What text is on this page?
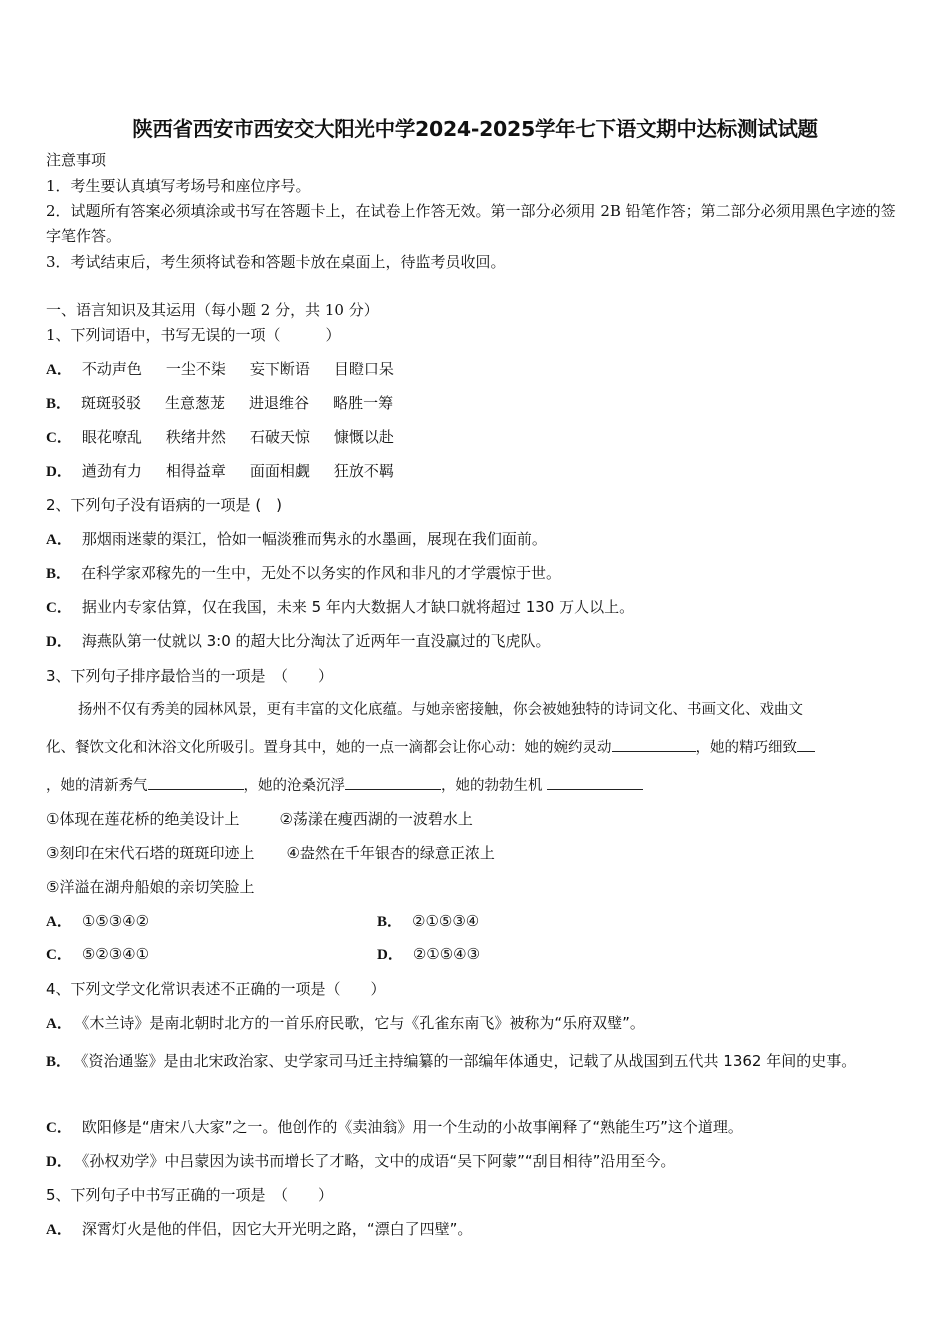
陕西省西安市西安交大阳光中学2024-2025学年七下语文期中达标测试试题
注意事项
1．考生要认真填写考场号和座位序号。
2．试题所有答案必须填涂或书写在答题卡上，在试卷上作答无效。第一部分必须用 2B 铅笔作答；第二部分必须用黑色字迹的签字笔作答。
3．考试结束后，考生须将试卷和答题卡放在桌面上，待监考员收回。
一、语言知识及其运用（每小题 2 分，共 10 分）
1、下列词语中，书写无误的一项（　　　）
A． 不动声色 一尘不柒 妄下断语 目瞪口呆
B． 斑斑驳驳 生意葱茏 进退维谷 略胜一筹
C． 眼花嘹乱 秩绪井然 石破天惊 慷慨以赴
D． 遒劲有力 相得益章 面面相觑 狂放不羁
2、下列句子没有语病的一项是 (　)
A． 那烟雨迷蒙的渠江，恰如一幅淡雅而隽永的水墨画，展现在我们面前。
B． 在科学家邓稼先的一生中，无处不以务实的作风和非凡的才学震惊于世。
C． 据业内专家估算，仅在我国，未来 5 年内大数据人才缺口就将超过 130 万人以上。
D． 海燕队第一仗就以 3:0 的超大比分淘汰了近两年一直没赢过的飞虎队。
3、下列句子排序最恰当的一项是　（　　）
扬州不仅有秀美的园林风景，更有丰富的文化底蕴。与她亲密接触，你会被她独特的诗词文化、书画文化、戏曲文
化、餐饮文化和沐浴文化所吸引。置身其中，她的一点一滴都会让你心动：她的婉约灵动	，她的精巧细致
，她的清新秀气	，她的沧桑沉浮	，她的勃勃生机
①体现在莲花桥的绝美设计上	②荡漾在瘦西湖的一波碧水上
③刻印在宋代石塔的斑斑印迹上 ④盎然在千年银杏的绿意正浓上
⑤洋溢在湖舟船娘的亲切笑脸上
A． ①⑤③④②	B． ②①⑤③④
C． ⑤②③④①	D． ②①⑤④③
4、下列文学文化常识表述不正确的一项是（　　）
A． 《木兰诗》是南北朝时北方的一首乐府民歌，它与《孔雀东南飞》被称为“乐府双璧”。
B． 《资治通鉴》是由北宋政治家、史学家司马迁主持编纂的一部编年体通史，记载了从战国到五代共 1362 年间的史事。
C． 欧阳修是“唐宋八大家”之一。他创作的《卖油翁》用一个生动的小故事阐释了“熟能生巧”这个道理。
D． 《孙权劝学》中吕蒙因为读书而增长了才略，文中的成语“吴下阿蒙”“刮目相待”沿用至今。
5、下列句子中书写正确的一项是　（　　）
A． 深霄灯火是他的伴侣，因它大开光明之路，“漂白了四壁”。
